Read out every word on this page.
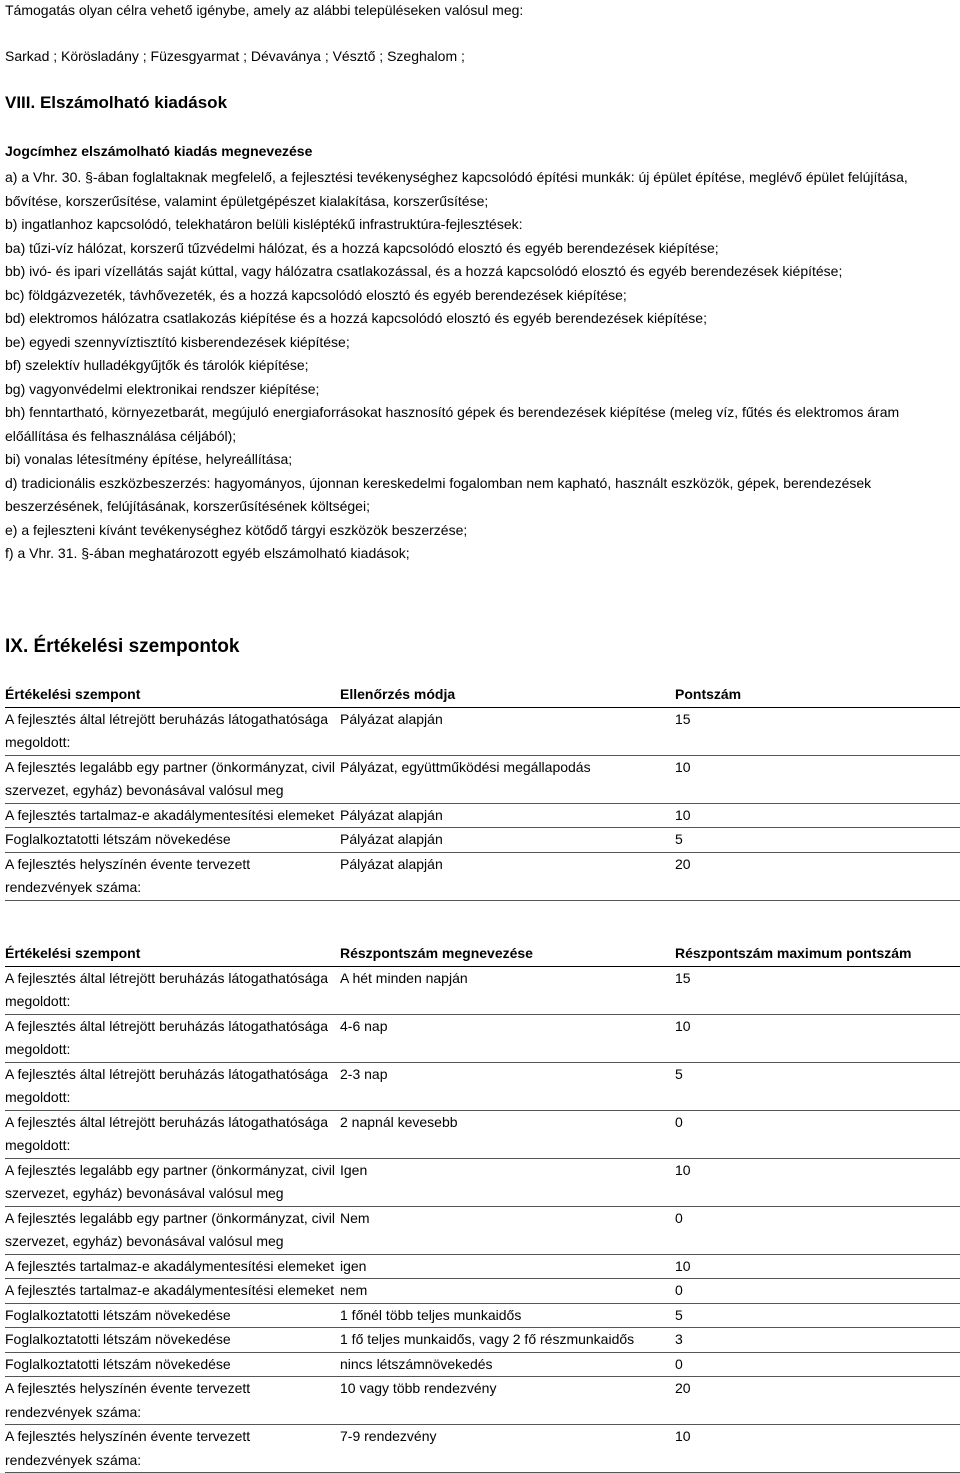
Támogatás olyan célra vehető igénybe, amely az alábbi településeken valósul meg:
Sarkad ; Körösladány ; Füzesgyarmat ; Dévaványa ; Vésztő ; Szeghalom ;
VIII. Elszámolható kiadások
Jogcímhez elszámolható kiadás megnevezése
a) a Vhr. 30. §-ában foglaltaknak megfelelő, a fejlesztési tevékenységhez kapcsolódó építési munkák: új épület építése, meglévő épület felújítása, bővítése, korszerűsítése, valamint épületgépészet kialakítása, korszerűsítése;
b) ingatlanhoz kapcsolódó, telekhatáron belüli kisléptékű infrastruktúra-fejlesztések:
ba) tűzi-víz hálózat, korszerű tűzvédelmi hálózat, és a hozzá kapcsolódó elosztó és egyéb berendezések kiépítése;
bb) ivó- és ipari vízellátás saját kúttal, vagy hálózatra csatlakozással, és a hozzá kapcsolódó elosztó és egyéb berendezések kiépítése;
bc) földgázvezeték, távhővezeték, és a hozzá kapcsolódó elosztó és egyéb berendezések kiépítése;
bd) elektromos hálózatra csatlakozás kiépítése és a hozzá kapcsolódó elosztó és egyéb berendezések kiépítése;
be) egyedi szennyvíztisztító kisberendezések kiépítése;
bf) szelektív hulladékgyűjtők és tárolók kiépítése;
bg) vagyonvédelmi elektronikai rendszer kiépítése;
bh) fenntartható, környezetbarát, megújuló energiaforrásokat hasznosító gépek és berendezések kiépítése (meleg víz, fűtés és elektromos áram előállítása és felhasználása céljából);
bi) vonalas létesítmény építése, helyreállítása;
d) tradicionális eszközbeszerzés: hagyományos, újonnan kereskedelmi fogalomban nem kapható, használt eszközök, gépek, berendezések beszerzésének, felújításának, korszerűsítésének költségei;
e) a fejleszteni kívánt tevékenységhez kötődő tárgyi eszközök beszerzése;
f) a Vhr. 31. §-ában meghatározott egyéb elszámolható kiadások;
IX. Értékelési szempontok
Értékelési szempont	Ellenőrzés módja	Pontszám
A fejlesztés által létrejött beruházás látogathatósága megoldott:	Pályázat alapján	15
A fejlesztés legalább egy partner (önkormányzat, civil szervezet, egyház) bevonásával valósul meg	Pályázat, együttműködési megállapodás	10
A fejlesztés tartalmaz-e akadálymentesítési elemeket	Pályázat alapján	10
Foglalkoztatotti létszám növekedése	Pályázat alapján	5
A fejlesztés helyszínén évente tervezett rendezvények száma:	Pályázat alapján	20
Értékelési szempont	Részpontszám megnevezése	Részpontszám maximum pontszám
A fejlesztés által létrejött beruházás látogathatósága megoldott:	A hét minden napján	15
A fejlesztés által létrejött beruházás látogathatósága megoldott:	4-6 nap	10
A fejlesztés által létrejött beruházás látogathatósága megoldott:	2-3 nap	5
A fejlesztés által létrejött beruházás látogathatósága megoldott:	2 napnál kevesebb	0
A fejlesztés legalább egy partner (önkormányzat, civil szervezet, egyház) bevonásával valósul meg	Igen	10
A fejlesztés legalább egy partner (önkormányzat, civil szervezet, egyház) bevonásával valósul meg	Nem	0
A fejlesztés tartalmaz-e akadálymentesítési elemeket	igen	10
A fejlesztés tartalmaz-e akadálymentesítési elemeket	nem	0
Foglalkoztatotti létszám növekedése	1 főnél több teljes munkaidős	5
Foglalkoztatotti létszám növekedése	1 fő teljes munkaidős, vagy 2 fő részmunkaidős	3
Foglalkoztatotti létszám növekedése	nincs létszámnövekedés	0
A fejlesztés helyszínén évente tervezett rendezvények száma:	10 vagy több rendezvény	20
A fejlesztés helyszínén évente tervezett rendezvények száma:	7-9 rendezvény	10
